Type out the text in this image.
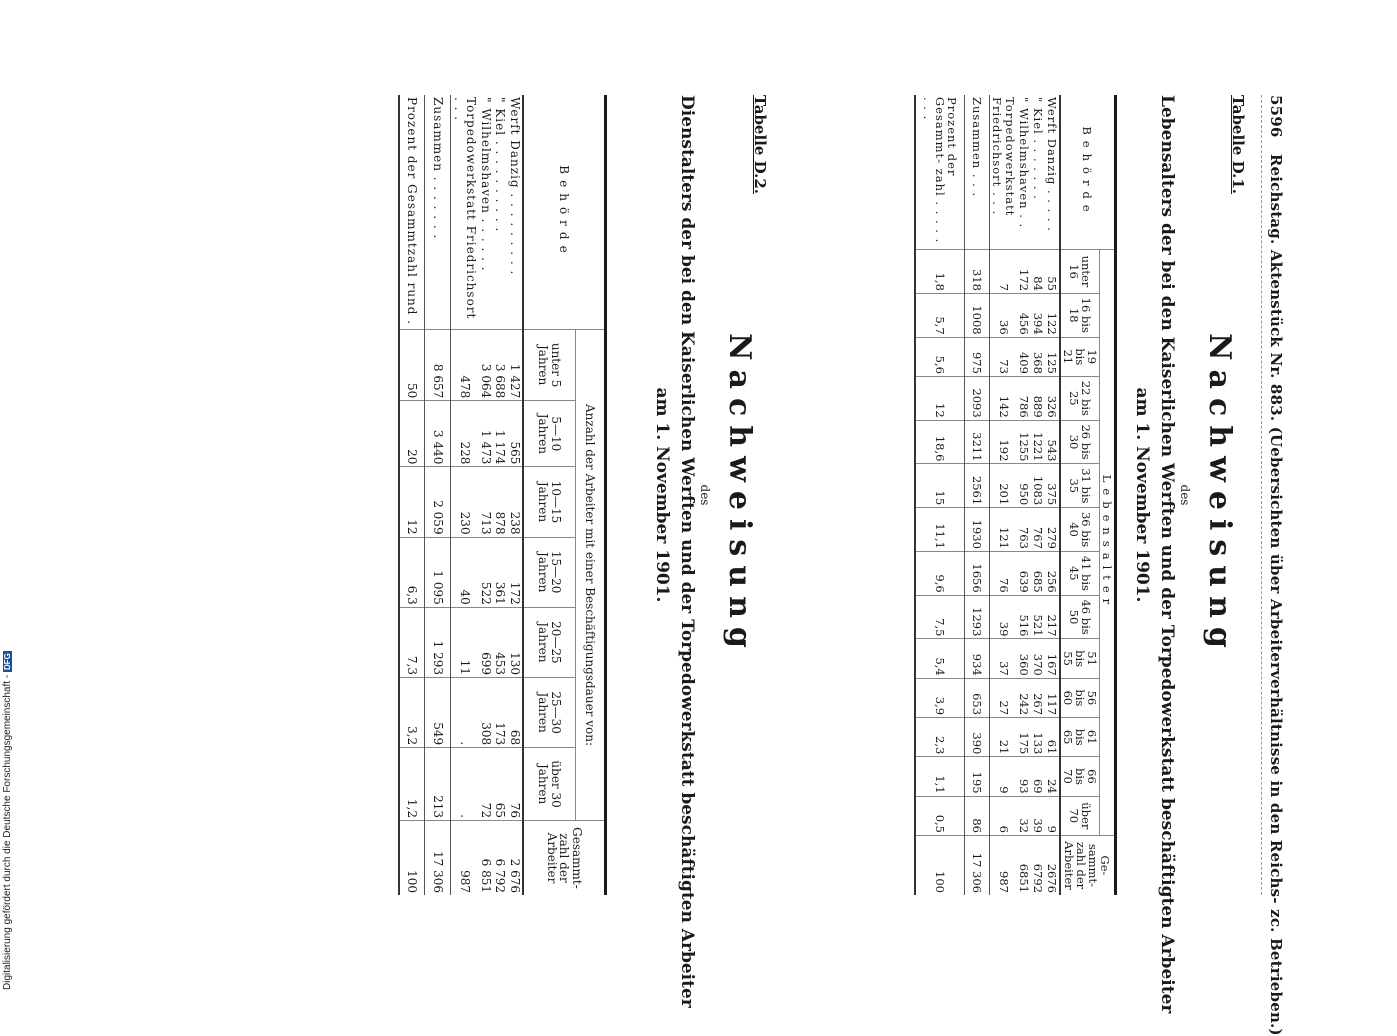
5596   Reichstag. Aktenstück Nr. 883. (Uebersichten über Arbeiterverhältnisse in den Reichs- zc. Betrieben.)
Tabelle D.1.
Nachweisung
des
Lebensalters der bei den Kaiserlichen Werften und der Torpedowerkstatt beschäftigten Arbeiter
am 1. November 1901.
Behörde	Lebensalter														Ge- sammt- zahl der Arbeiter
	unter 16	16 bis 18	19 bis 21	22 bis 25	26 bis 30	31 bis 35	36 bis 40	41 bis 45	46 bis 50	51 bis 55	56 bis 60	61 bis 65	66 bis 70	über 70	
Werft Danzig . . . . .	55	122	125	326	543	375	279	256	217	167	117	61	24	9	2676
" Kiel . . . . . . .	84	394	368	889	1221	1083	767	685	521	370	267	133	69	39	6792
" Wilhelmshaven . .	172	456	409	786	1255	950	763	639	516	360	242	175	93	32	6851
Torpedowerkstatt Friedrichsort . . .	7	36	73	142	192	201	121	76	39	37	27	21	9	6	987
Zusammen . . .	318	1008	975	2093	3211	2561	1930	1656	1293	934	653	390	195	86	17 306
Prozent der Gesammt- zahl . . . . . . . .	1,8	5,7	5,6	12	18,6	15	11,1	9,6	7,5	5,4	3,9	2,3	1,1	0,5	100
Tabelle D.2.
Nachweisung
des
Dienstalters der bei den Kaiserlichen Werften und der Torpedowerkstatt beschäftigten Arbeiter
am 1. November 1901.
Behörde	Anzahl der Arbeiter mit einer Beschäftigungsdauer von:							Gesammt- zahl der Arbeiter
	unter 5 Jahren	5—10 Jahren	10—15 Jahren	15—20 Jahren	20—25 Jahren	25—30 Jahren	über 30 Jahren	
Werft Danzig . . . . . . . . .	1 427	565	238	172	130	68	76	2 676
" Kiel . . . . . . . . . .	3 688	1 174	878	361	453	173	65	6 792
" Wilhelmshaven . . . . . .	3 064	1 473	713	522	699	308	72	6 851
Torpedowerkstatt Friedrichsort . . .	478	228	230	40	11	.	.	987
Zusammen . . . . . . .	8 657	3 440	2 059	1 095	1 293	549	213	17 306
Prozent der Gesammtzahl rund .	50	20	12	6,3	7,3	3,2	1,2	100
Digitalisierung gefördert durch die Deutsche Forschungsgemeinschaft - DFG
